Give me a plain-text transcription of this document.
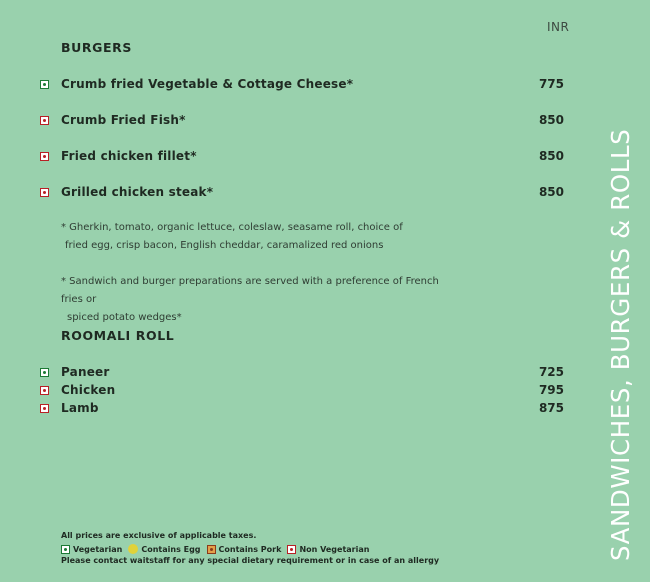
INR
BURGERS
Crumb fried Vegetable & Cottage Cheese*	775
Crumb Fried Fish*	850
Fried chicken fillet*	850
Grilled chicken steak*	850
* Gherkin, tomato, organic lettuce, coleslaw, seasame roll, choice of
fried egg, crisp bacon, English cheddar, caramalized red onions
* Sandwich and burger preparations are served with a preference of French fries or
spiced potato wedges*
ROOMALI ROLL
Paneer	725
Chicken	795
Lamb	875 SANDWICHES, BURGERS & ROLLS
All prices are exclusive of applicable taxes.
Vegetarian Contains Egg Contains Pork Non Vegetarian
Please contact waitstaff for any special dietary requirement or in case of an allergy
